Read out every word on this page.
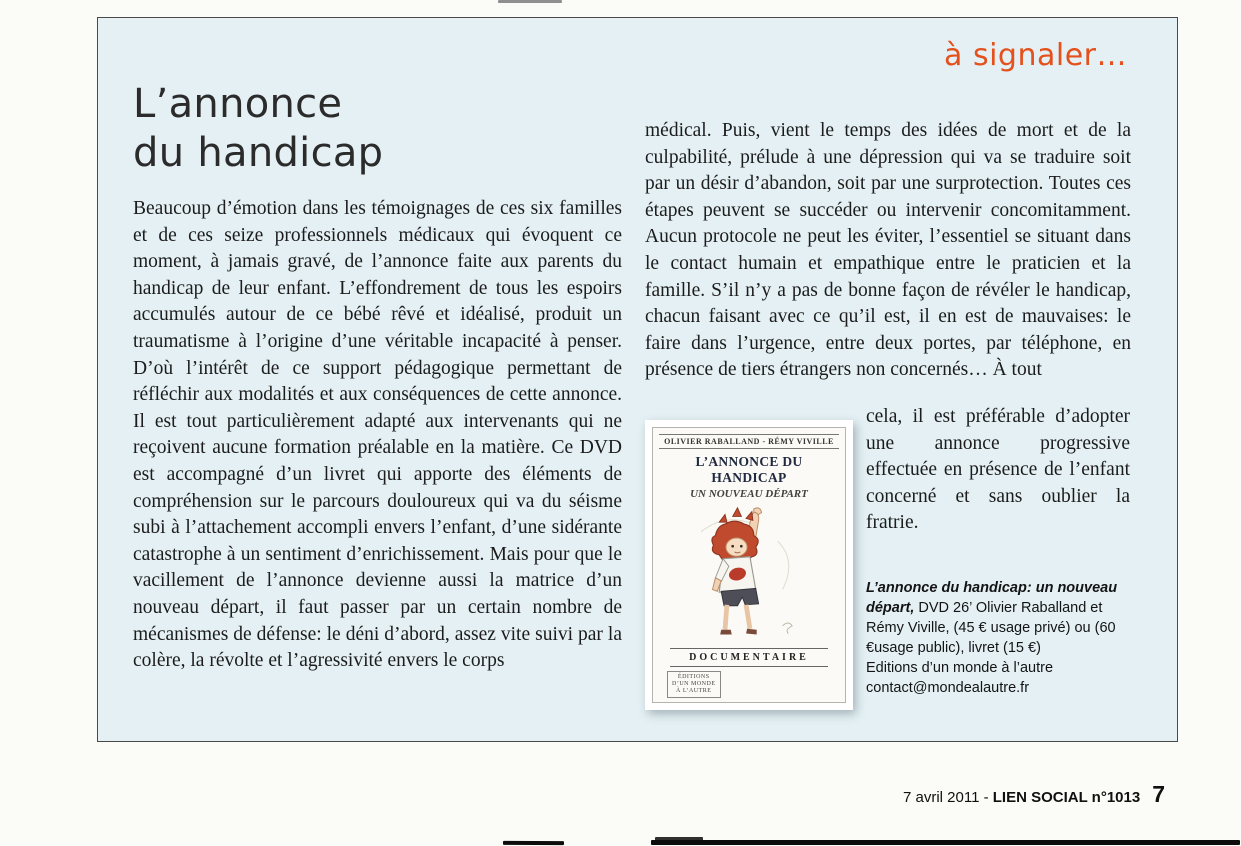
à signaler…
L’annonce
du handicap
Beaucoup d’émotion dans les témoignages de ces six familles et de ces seize professionnels médicaux qui évoquent ce moment, à jamais gravé, de l’annonce faite aux parents du handicap de leur enfant. L’effondrement de tous les espoirs accumulés autour de ce bébé rêvé et idéalisé, produit un traumatisme à l’origine d’une véritable incapacité à penser. D’où l’intérêt de ce support pédagogique permettant de réfléchir aux modalités et aux conséquences de cette annonce. Il est tout particulièrement adapté aux intervenants qui ne reçoivent aucune formation préalable en la matière. Ce DVD est accompagné d’un livret qui apporte des éléments de compréhension sur le parcours douloureux qui va du séisme subi à l’attachement accompli envers l’enfant, d’une sidérante catastrophe à un sentiment d’enrichissement. Mais pour que le vacillement de l’annonce devienne aussi la matrice d’un nouveau départ, il faut passer par un certain nombre de mécanismes de défense: le déni d’abord, assez vite suivi par la colère, la révolte et l’agressivité envers le corps
médical. Puis, vient le temps des idées de mort et de la culpabilité, prélude à une dépression qui va se traduire soit par un désir d’abandon, soit par une surprotection. Toutes ces étapes peuvent se succéder ou intervenir concomitamment. Aucun protocole ne peut les éviter, l’essentiel se situant dans le contact humain et empathique entre le praticien et la famille. S’il n’y a pas de bonne façon de révéler le handicap, chacun faisant avec ce qu’il est, il en est de mauvaises: le faire dans l’urgence, entre deux portes, par téléphone, en présence de tiers étrangers non concernés… À tout
cela, il est préférable d’adopter une annonce progressive effectuée en présence de l’enfant concerné et sans oublier la fratrie.
OLIVIER RABALLAND - RÉMY VIVILLE
L’ANNONCE DU HANDICAP
UN NOUVEAU DÉPART
DOCUMENTAIRE
ÉDITIONS
D’UN MONDE
À L’AUTRE

L’annonce du handicap: un nouveau départ, DVD 26’ Olivier Raballand et Rémy Viville, (45 € usage privé) ou (60 €usage public), livret (15 €)

Editions d’un monde à l’autre
contact@mondealautre.fr
7 avril 2011 - LIEN SOCIAL n°1013 7
